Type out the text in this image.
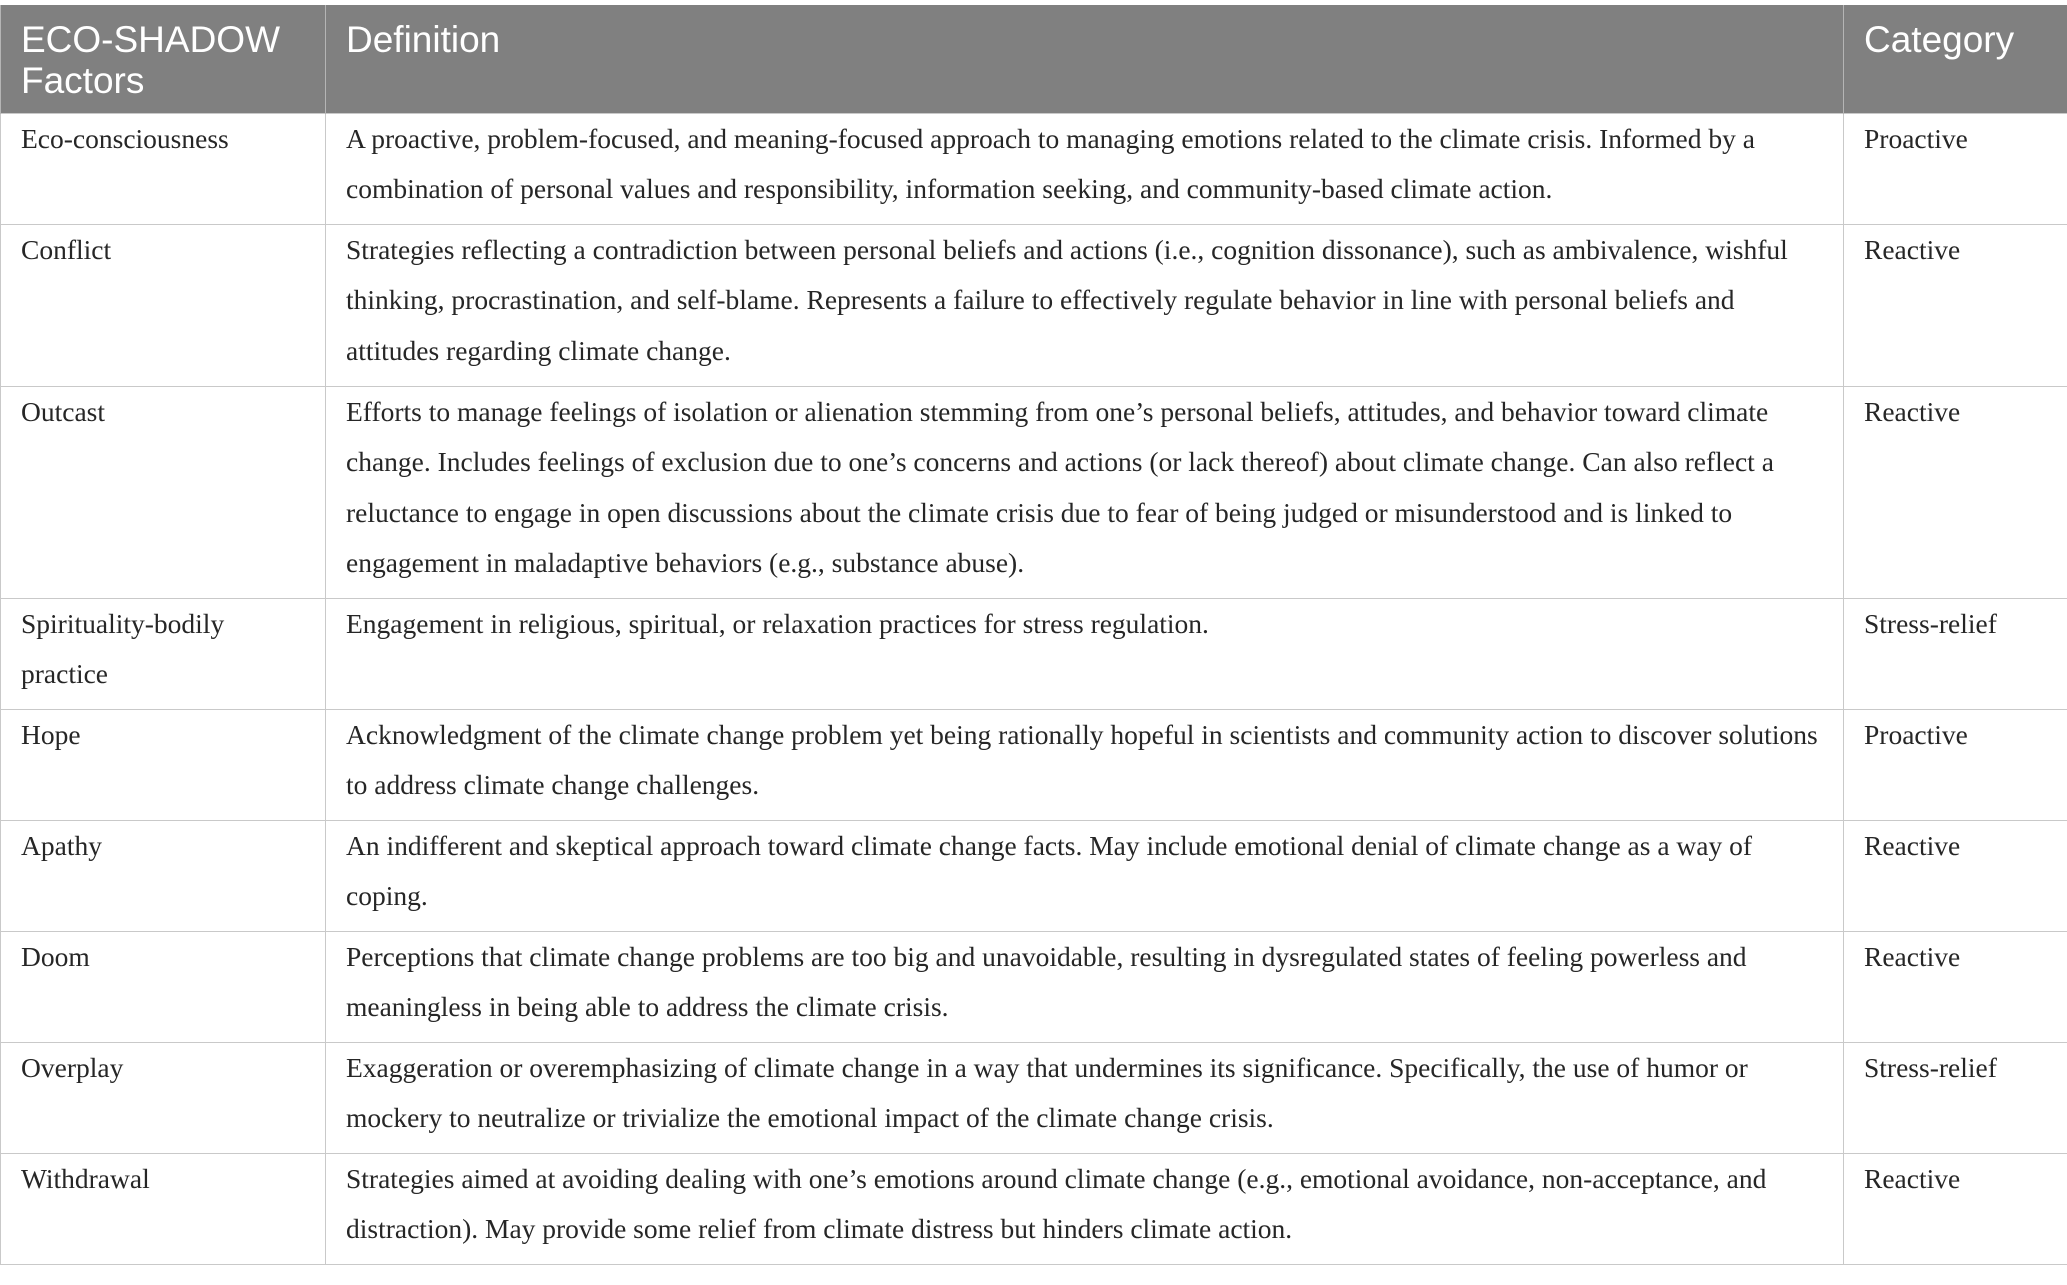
ECO-SHADOW Factors	Definition	Category
Eco-consciousness	A proactive, problem-focused, and meaning-focused approach to managing emotions related to the climate crisis. Informed by a combination of personal values and responsibility, information seeking, and community-based climate action.	Proactive
Conflict	Strategies reflecting a contradiction between personal beliefs and actions (i.e., cognition dissonance), such as ambivalence, wishful thinking, procrastination, and self-blame. Represents a failure to effectively regulate behavior in line with personal beliefs and attitudes regarding climate change.	Reactive
Outcast	Efforts to manage feelings of isolation or alienation stemming from one’s personal beliefs, attitudes, and behavior toward climate change. Includes feelings of exclusion due to one’s concerns and actions (or lack thereof) about climate change. Can also reflect a reluctance to engage in open discussions about the climate crisis due to fear of being judged or misunderstood and is linked to engagement in maladaptive behaviors (e.g., substance abuse).	Reactive
Spirituality-bodily practice	Engagement in religious, spiritual, or relaxation practices for stress regulation.	Stress-relief
Hope	Acknowledgment of the climate change problem yet being rationally hopeful in scientists and community action to discover solutions to address climate change challenges.	Proactive
Apathy	An indifferent and skeptical approach toward climate change facts. May include emotional denial of climate change as a way of coping.	Reactive
Doom	Perceptions that climate change problems are too big and unavoidable, resulting in dysregulated states of feeling powerless and meaningless in being able to address the climate crisis.	Reactive
Overplay	Exaggeration or overemphasizing of climate change in a way that undermines its significance. Specifically, the use of humor or mockery to neutralize or trivialize the emotional impact of the climate change crisis.	Stress-relief
Withdrawal	Strategies aimed at avoiding dealing with one’s emotions around climate change (e.g., emotional avoidance, non-acceptance, and distraction). May provide some relief from climate distress but hinders climate action.	Reactive
